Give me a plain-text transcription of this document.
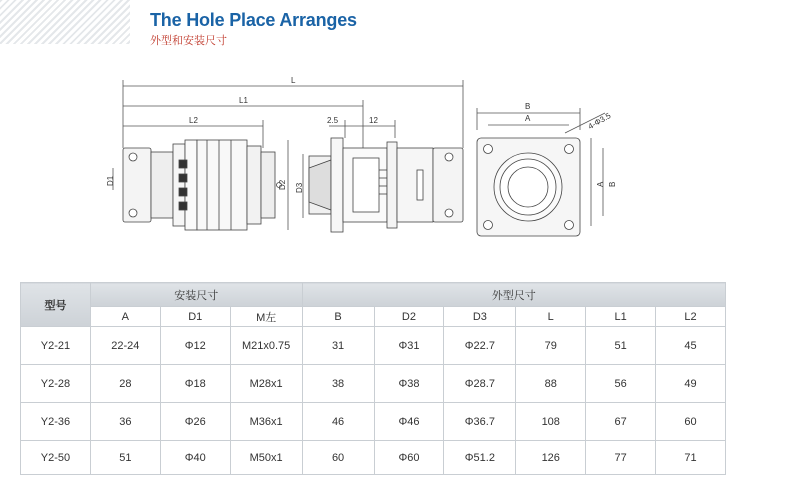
The Hole Place Arranges
外型和安装尺寸
L
L1
L2	2.5	12
D1	D2 D3
B
A	4-Φ3.5
A B
型号	安装尺寸			外型尺寸					
	A	D1	M左	B	D2	D3	L	L1	L2
Y2-21	22-24	Φ12	M21x0.75	31	Φ31	Φ22.7	79	51	45
Y2-28	28	Φ18	M28x1	38	Φ38	Φ28.7	88	56	49
Y2-36	36	Φ26	M36x1	46	Φ46	Φ36.7	108	67	60
Y2-50	51	Φ40	M50x1	60	Φ60	Φ51.2	126	77	71
